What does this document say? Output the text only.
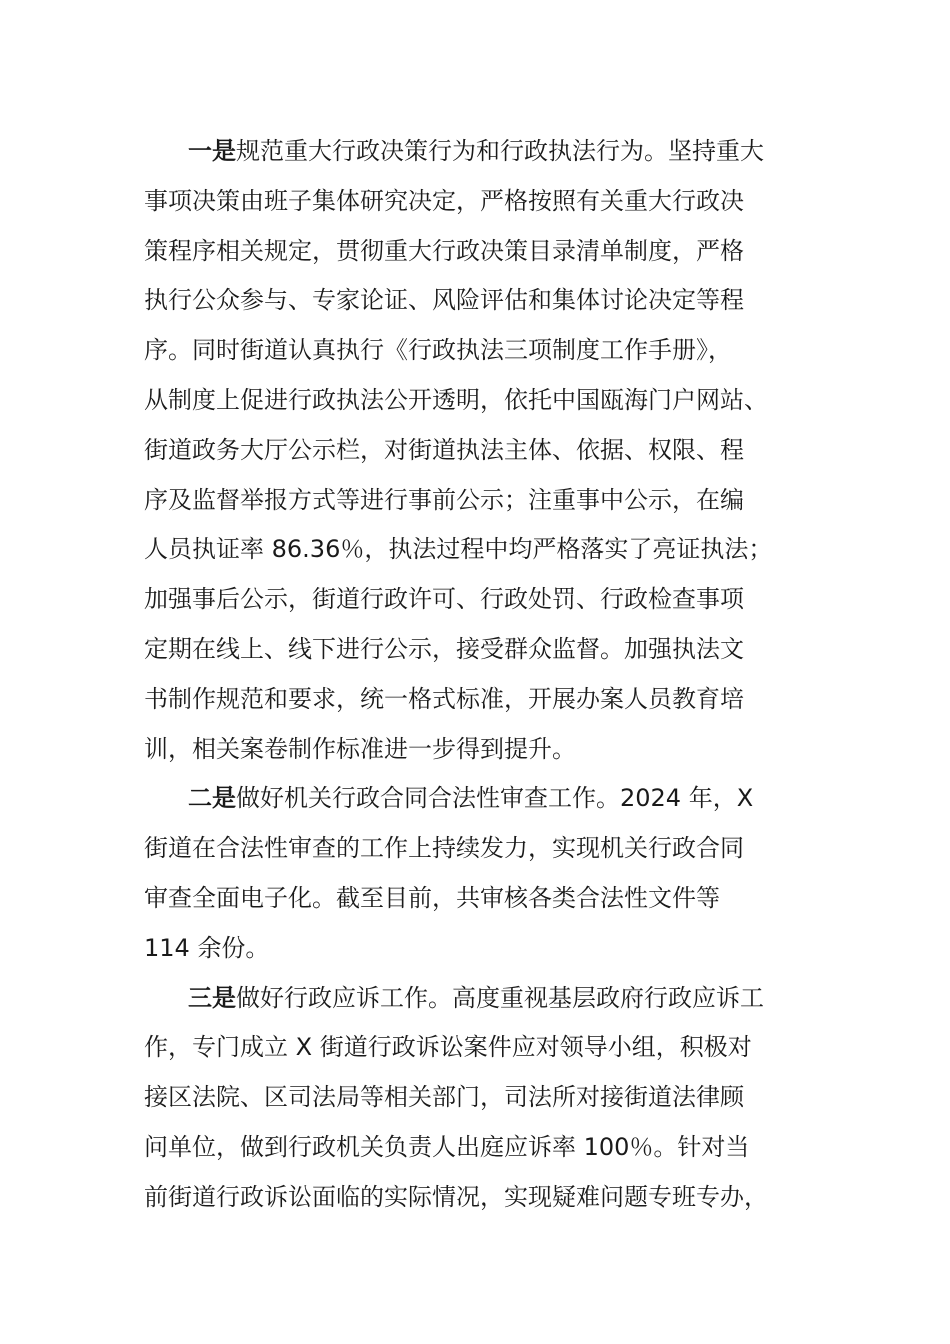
一是规范重大行政决策行为和行政执法行为。坚持重大
事项决策由班子集体研究决定，严格按照有关重大行政决
策程序相关规定，贯彻重大行政决策目录清单制度，严格
执行公众参与、专家论证、风险评估和集体讨论决定等程
序。同时街道认真执行《行政执法三项制度工作手册》，
从制度上促进行政执法公开透明，依托中国瓯海门户网站、
街道政务大厅公示栏，对街道执法主体、依据、权限、程
序及监督举报方式等进行事前公示；注重事中公示，在编
人员执证率 86.36％，执法过程中均严格落实了亮证执法；
加强事后公示，街道行政许可、行政处罚、行政检查事项
定期在线上、线下进行公示，接受群众监督。加强执法文
书制作规范和要求，统一格式标准，开展办案人员教育培
训，相关案卷制作标准进一步得到提升。
二是做好机关行政合同合法性审查工作。2024 年，X
街道在合法性审查的工作上持续发力，实现机关行政合同
审查全面电子化。截至目前，共审核各类合法性文件等
114 余份。
三是做好行政应诉工作。高度重视基层政府行政应诉工
作，专门成立 X 街道行政诉讼案件应对领导小组，积极对
接区法院、区司法局等相关部门，司法所对接街道法律顾
问单位，做到行政机关负责人出庭应诉率 100％。针对当
前街道行政诉讼面临的实际情况，实现疑难问题专班专办，
